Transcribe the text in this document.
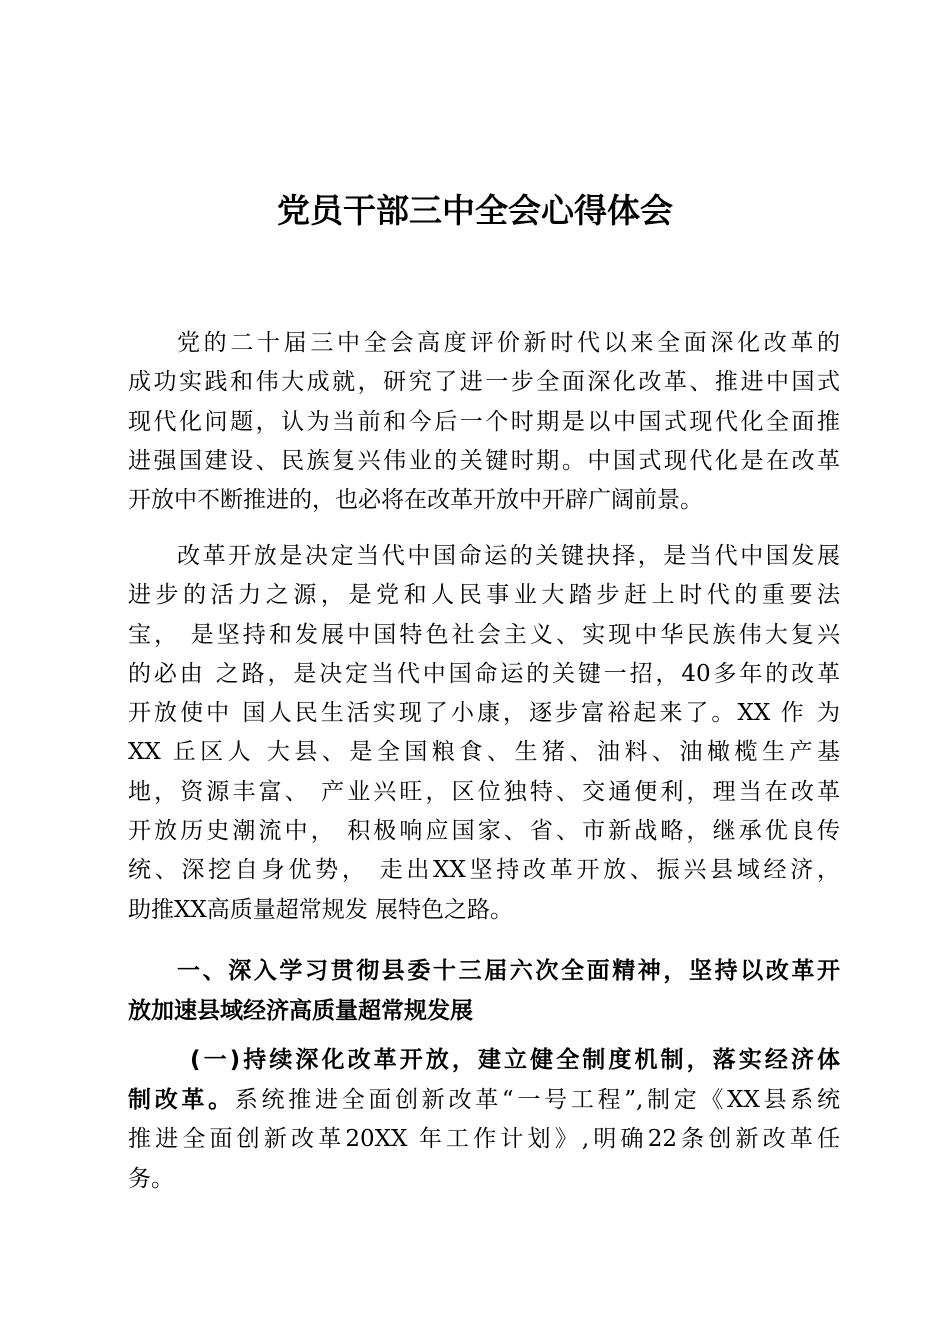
党员干部三中全会心得体会
党的二十届三中全会高度评价新时代以来全面深化改革的
成功实践和伟大成就，研究了进一步全面深化改革、推进中国式
现代化问题，认为当前和今后一个时期是以中国式现代化全面推
进强国建设、民族复兴伟业的关键时期。中国式现代化是在改革
开放中不断推进的，也必将在改革开放中开辟广阔前景。
改革开放是决定当代中国命运的关键抉择，是当代中国发展
进步的活力之源，是党和人民事业大踏步赶上时代的重要法
宝， 是坚持和发展中国特色社会主义、实现中华民族伟大复兴
的必由 之路，是决定当代中国命运的关键一招，40多年的改革
开放使中 国人民生活实现了小康，逐步富裕起来了。XX 作 为
XX 丘区人 大县、是全国粮食、生猪、油料、油橄榄生产基
地，资源丰富、 产业兴旺，区位独特、交通便利，理当在改革
开放历史潮流中， 积极响应国家、省、市新战略，继承优良传
统、深挖自身优势， 走出XX坚持改革开放、振兴县域经济，
助推XX高质量超常规发 展特色之路。
一、深入学习贯彻县委十三届六次全面精神，坚持以改革开
放加速县域经济高质量超常规发展
(一)持续深化改革开放，建立健全制度机制，落实经济体
制改革。系统推进全面创新改革“一号工程”,制定《XX县系统
推进全面创新改革20XX 年工作计划》,明确22条创新改革任
务。
